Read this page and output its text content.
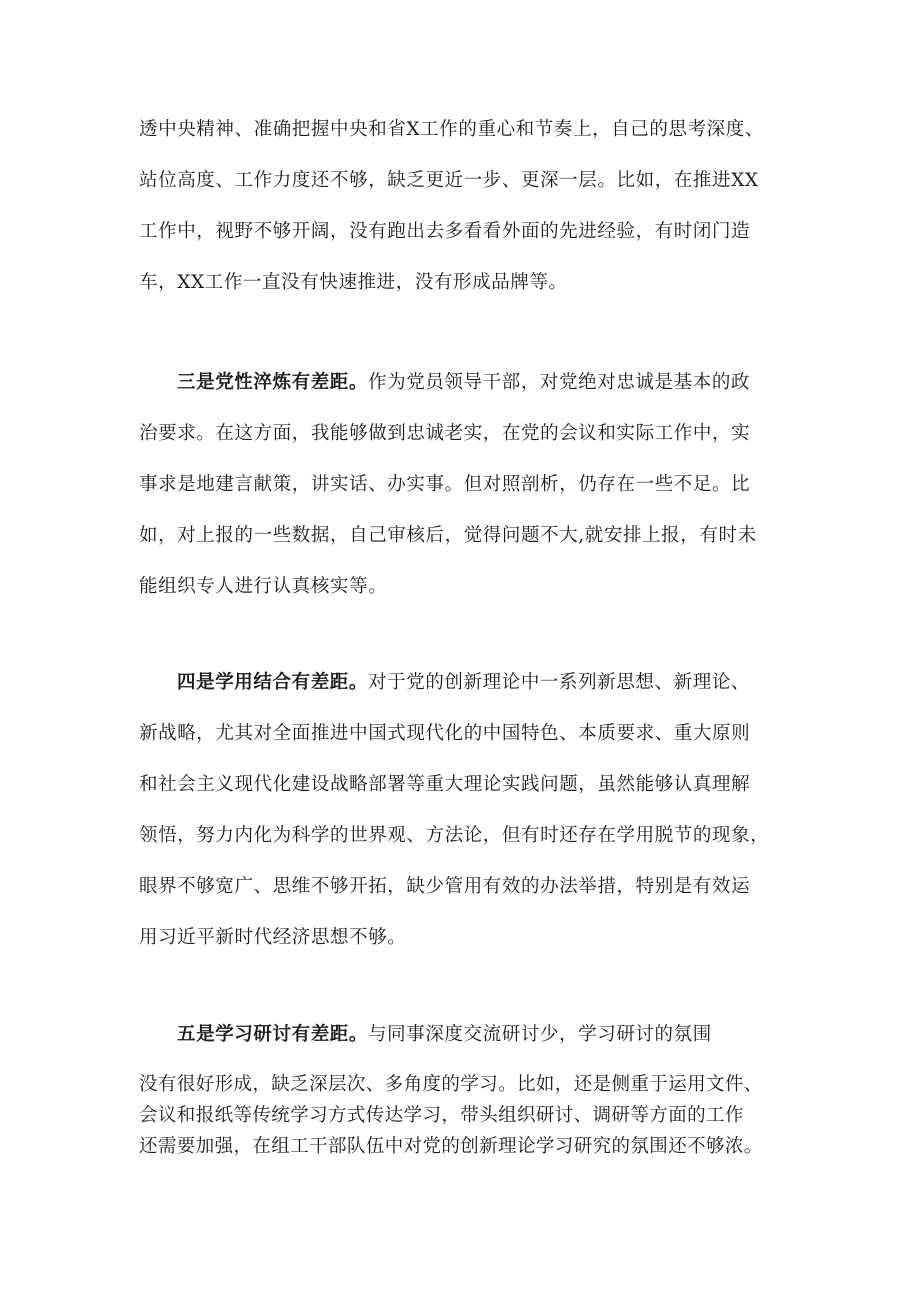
透中央精神、准确把握中央和省X工作的重心和节奏上，自己的思考深度、
站位高度、工作力度还不够，缺乏更近一步、更深一层。比如，在推进XX
工作中，视野不够开阔，没有跑出去多看看外面的先进经验，有时闭门造
车，XX工作一直没有快速推进，没有形成品牌等。
三是党性淬炼有差距。作为党员领导干部，对党绝对忠诚是基本的政
治要求。在这方面，我能够做到忠诚老实，在党的会议和实际工作中，实
事求是地建言献策，讲实话、办实事。但对照剖析，仍存在一些不足。比
如，对上报的一些数据，自己审核后，觉得问题不大,就安排上报，有时未
能组织专人进行认真核实等。
四是学用结合有差距。对于党的创新理论中一系列新思想、新理论、
新战略，尤其对全面推进中国式现代化的中国特色、本质要求、重大原则
和社会主义现代化建设战略部署等重大理论实践问题，虽然能够认真理解
领悟，努力内化为科学的世界观、方法论，但有时还存在学用脱节的现象，
眼界不够宽广、思维不够开拓，缺少管用有效的办法举措，特别是有效运
用习近平新时代经济思想不够。
五是学习研讨有差距。与同事深度交流研讨少，学习研讨的氛围
没有很好形成，缺乏深层次、多角度的学习。比如，还是侧重于运用文件、
会议和报纸等传统学习方式传达学习，带头组织研讨、调研等方面的工作
还需要加强，在组工干部队伍中对党的创新理论学习研究的氛围还不够浓。
